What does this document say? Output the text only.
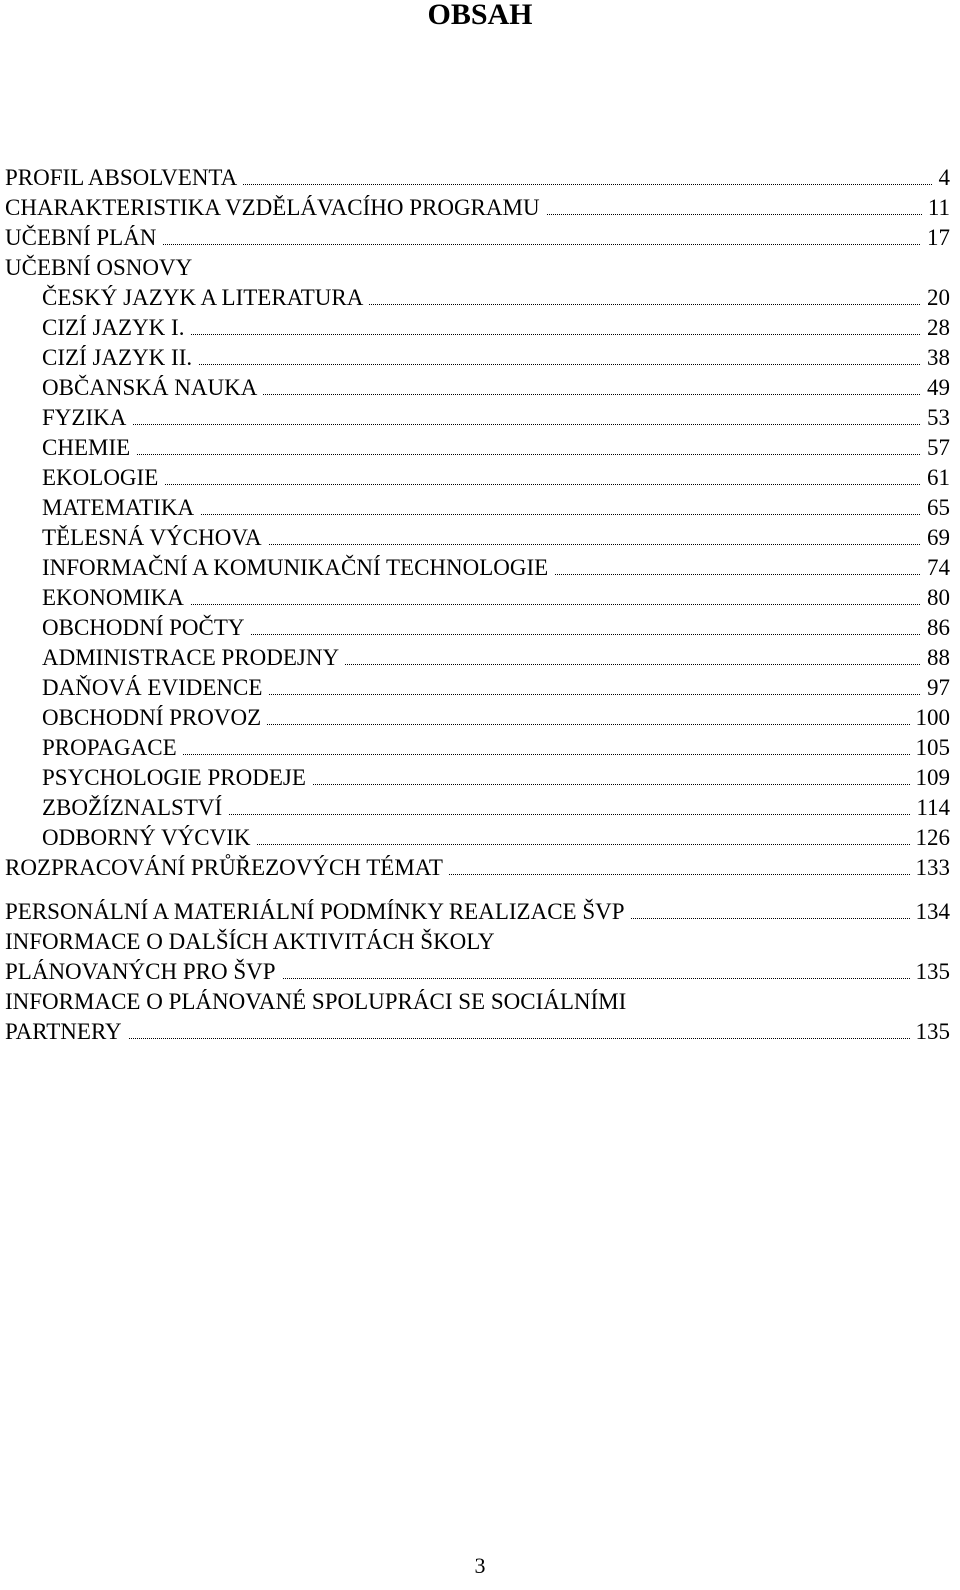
OBSAH
PROFIL ABSOLVENTA	4
CHARAKTERISTIKA VZDĚLÁVACÍHO PROGRAMU	11
UČEBNÍ PLÁN	17
UČEBNÍ OSNOVY
ČESKÝ JAZYK A LITERATURA	20
CIZÍ JAZYK I.	28
CIZÍ JAZYK II.	38
OBČANSKÁ NAUKA	49
FYZIKA	53
CHEMIE	57
EKOLOGIE	61
MATEMATIKA	65
TĚLESNÁ VÝCHOVA	69
INFORMAČNÍ A KOMUNIKAČNÍ TECHNOLOGIE	74
EKONOMIKA	80
OBCHODNÍ POČTY	86
ADMINISTRACE PRODEJNY	88
DAŇOVÁ EVIDENCE	97
OBCHODNÍ PROVOZ	100
PROPAGACE	105
PSYCHOLOGIE PRODEJE	109
ZBOŽÍZNALSTVÍ	114
ODBORNÝ VÝCVIK	126
ROZPRACOVÁNÍ PRŮŘEZOVÝCH TÉMAT	133
PERSONÁLNÍ A MATERIÁLNÍ PODMÍNKY REALIZACE ŠVP	134
INFORMACE O DALŠÍCH AKTIVITÁCH ŠKOLY
PLÁNOVANÝCH PRO ŠVP	135
INFORMACE O PLÁNOVANÉ SPOLUPRÁCI SE SOCIÁLNÍMI
PARTNERY	135
3
